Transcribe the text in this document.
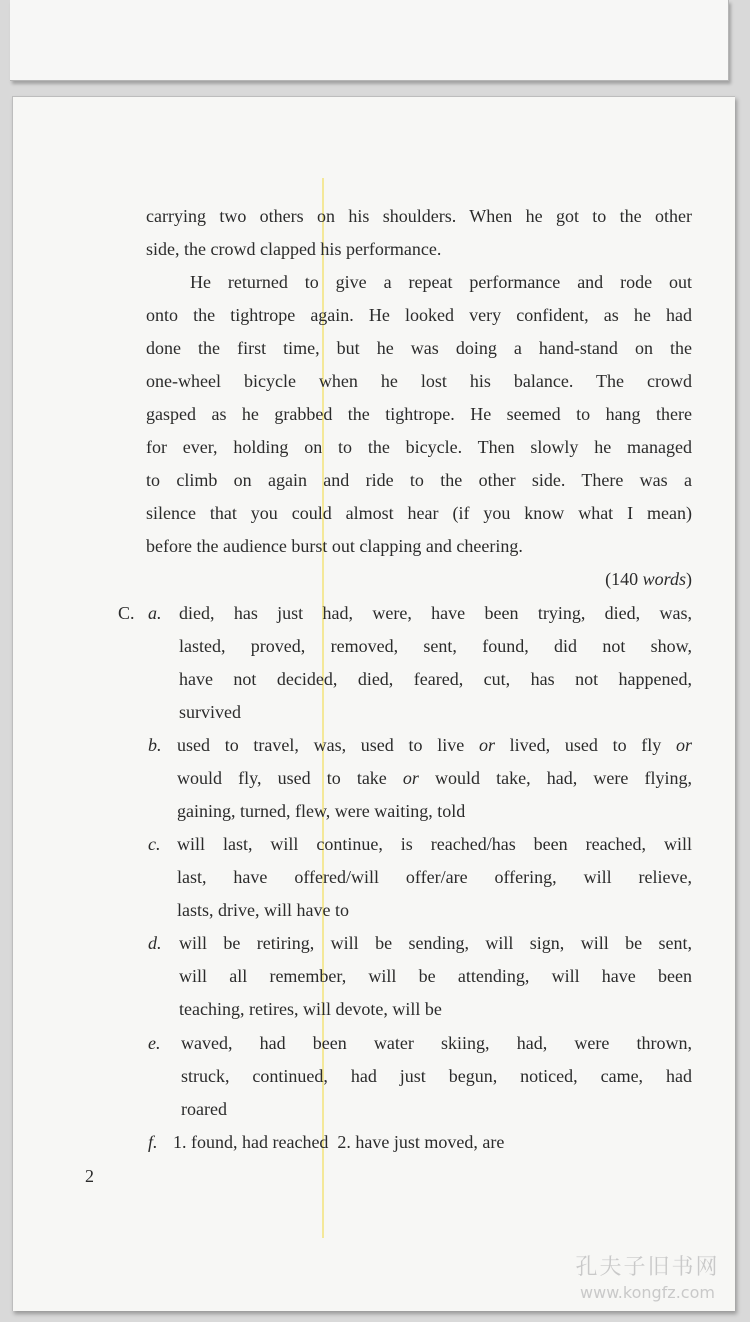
carrying two others on his shoulders. When he got to the other
side, the crowd clapped his performance.
He returned to give a repeat performance and rode out
onto the tightrope again. He looked very confident, as he had
done the first time, but he was doing a hand-stand on the
one-wheel bicycle when he lost his balance. The crowd
gasped as he grabbed the tightrope. He seemed to hang there
for ever, holding on to the bicycle. Then slowly he managed
to climb on again and ride to the other side. There was a
silence that you could almost hear (if you know what I mean)
before the audience burst out clapping and cheering.
(140 words)
C. a. died, has just had, were, have been trying, died, was,
lasted, proved, removed, sent, found, did not show,
have not decided, died, feared, cut, has not happened,
survived
b. used to travel, was, used to live or lived, used to fly or
would fly, used to take or would take, had, were flying,
gaining, turned, flew, were waiting, told
c. will last, will continue, is reached/has been reached, will
last, have offered/will offer/are offering, will relieve,
lasts, drive, will have to
d. will be retiring, will be sending, will sign, will be sent,
will all remember, will be attending, will have been
teaching, retires, will devote, will be
e. waved, had been water skiing, had, were thrown,
struck, continued, had just begun, noticed, came, had
roared
f. 1. found, had reached  2. have just moved, are
2
孔夫子旧书网
www.kongfz.com
